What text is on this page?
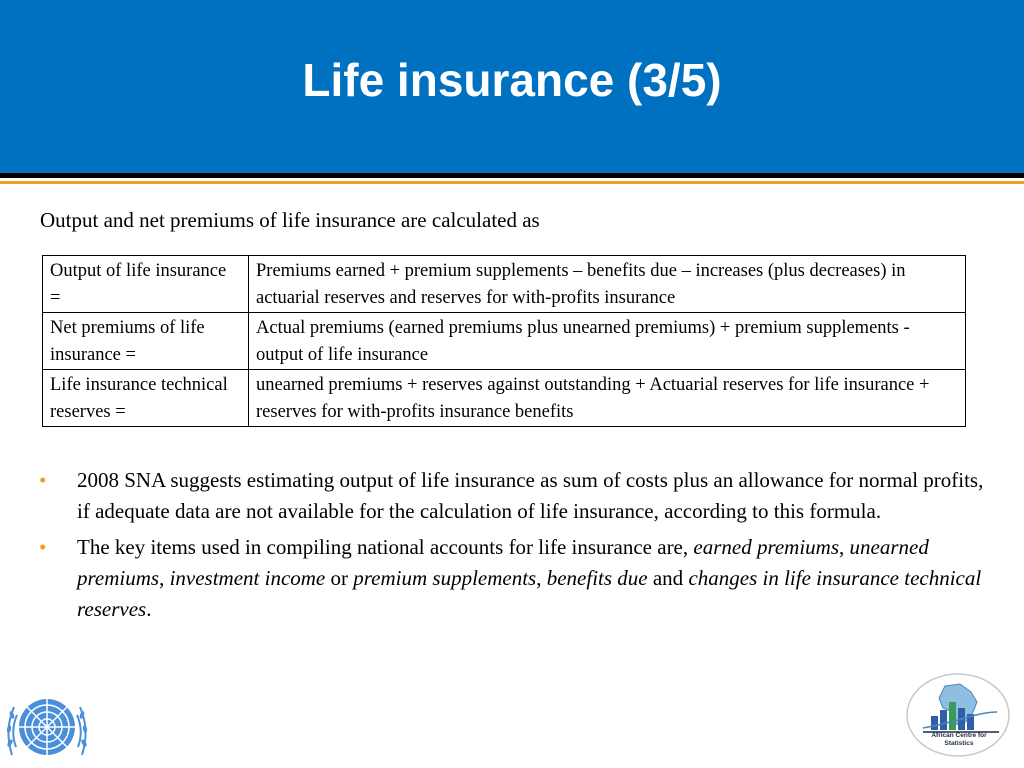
Life insurance (3/5)
Output and net premiums of life insurance are calculated as
Output of life insurance =	Premiums earned + premium supplements – benefits due – increases (plus decreases) in actuarial reserves and reserves for with-profits insurance
Net premiums of life insurance =	Actual premiums (earned premiums plus unearned premiums) + premium supplements - output of life insurance
Life insurance technical reserves =	unearned premiums + reserves against outstanding + Actuarial reserves for life insurance + reserves for with-profits insurance benefits
• 2008 SNA suggests estimating output of life insurance as sum of costs plus an allowance for normal profits, if adequate data are not available for the calculation of life insurance, according to this formula.
• The key items used in compiling national accounts for life insurance are, earned premiums, unearned premiums, investment income or premium supplements, benefits due and changes in life insurance technical reserves.
African Centre for
Statistics
